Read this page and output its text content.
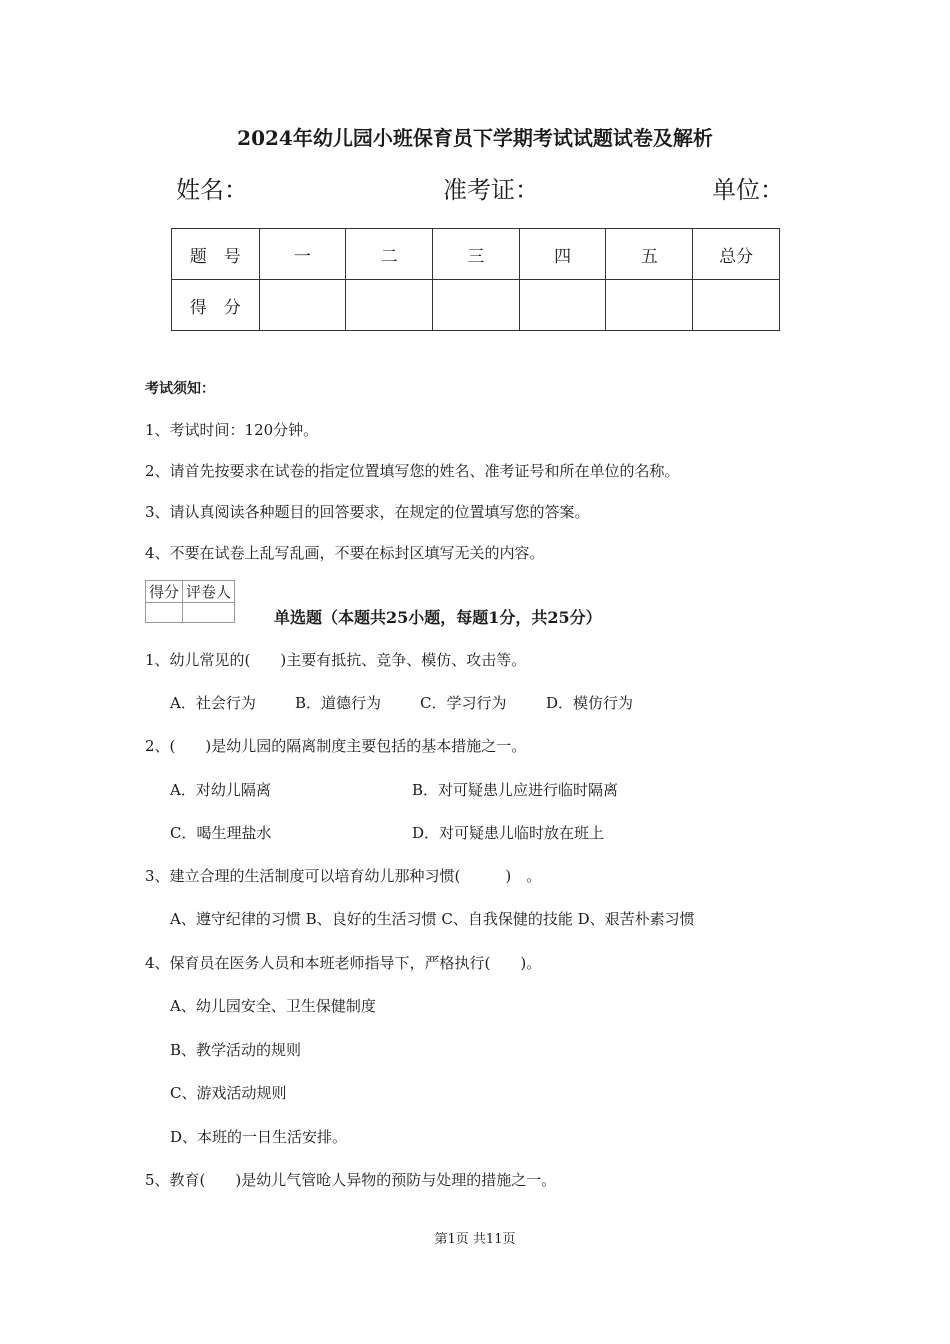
2024年幼儿园小班保育员下学期考试试题试卷及解析
姓名：	准考证：	单位：
题　号	一	二	三	四	五	总分
得　分						
考试须知：
1、考试时间：120分钟。
2、请首先按要求在试卷的指定位置填写您的姓名、准考证号和所在单位的名称。
3、请认真阅读各种题目的回答要求，在规定的位置填写您的答案。
4、不要在试卷上乱写乱画，不要在标封区填写无关的内容。
得分	评卷人

单选题（本题共25小题，每题1分，共25分）
1、幼儿常见的(　　)主要有抵抗、竞争、模仿、攻击等。
A．社会行为	B．道德行为	C．学习行为	D．模仿行为
2、(　　)是幼儿园的隔离制度主要包括的基本措施之一。
A．对幼儿隔离	B．对可疑患儿应进行临时隔离
C．喝生理盐水	D．对可疑患儿临时放在班上
3、建立合理的生活制度可以培育幼儿那种习惯(　　　)　。
A、遵守纪律的习惯 B、良好的生活习惯 C、自我保健的技能 D、艰苦朴素习惯
4、保育员在医务人员和本班老师指导下，严格执行(　　)。
A、幼儿园安全、卫生保健制度
B、教学活动的规则
C、游戏活动规则
D、本班的一日生活安排。
5、教育(　　)是幼儿气管呛人异物的预防与处理的措施之一。
第1页 共11页
